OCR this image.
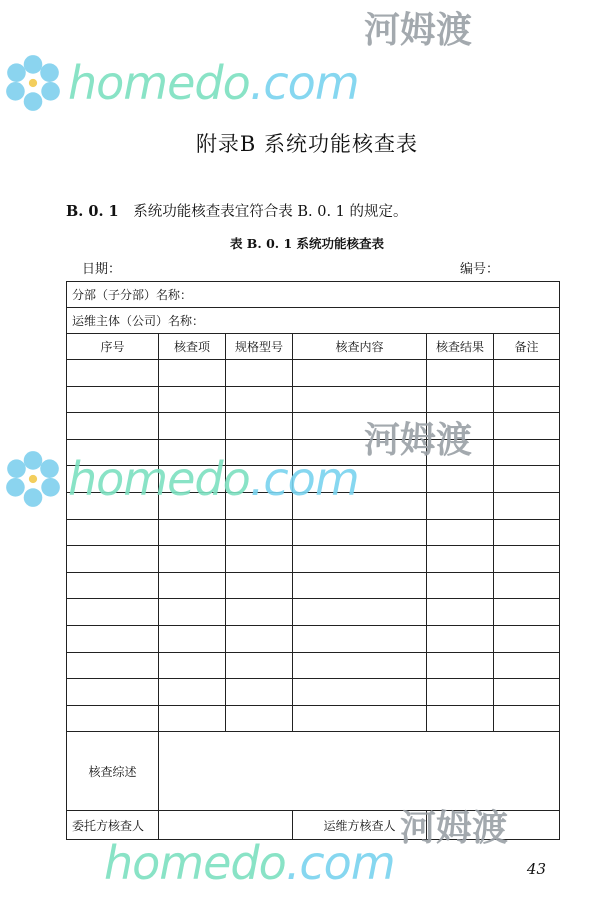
附录B 系统功能核查表
B. 0. 1 系统功能核查表宜符合表 B. 0. 1 的规定。
表 B. 0. 1 系统功能核查表
日期：	编号：
分部（子分部）名称：					
运维主体（公司）名称：					
序号	核查项	规格型号	核查内容	核查结果	备注

核查综述					
委托方核查人			运维方核查人		
43
homedo.com
河姆渡
homedo.com
河姆渡
homedo.com
河姆渡
